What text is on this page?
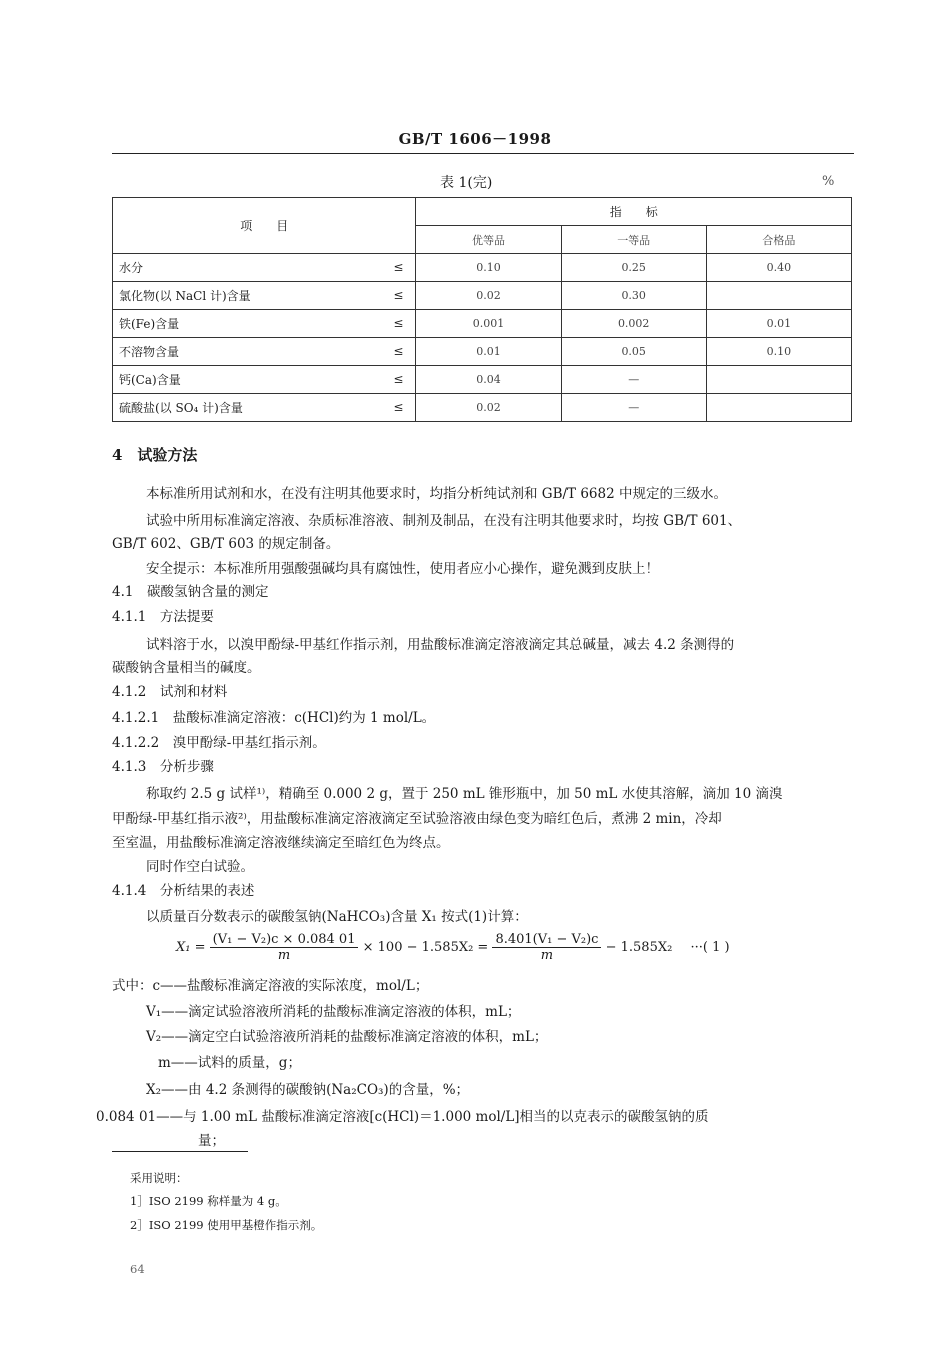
GB/T 1606－1998
表 1(完)	%
项　　目	指　　标		
	优等品	一等品	合格品
水分 ≤	0.10	0.25	0.40
氯化物(以 NaCl 计)含量 ≤	0.02	0.30	
铁(Fe)含量 ≤	0.001	0.002	0.01
不溶物含量 ≤	0.01	0.05	0.10
钙(Ca)含量 ≤	0.04	—	
硫酸盐(以 SO₄ 计)含量 ≤	0.02	—	
4　试验方法
本标准所用试剂和水，在没有注明其他要求时，均指分析纯试剂和 GB/T 6682 中规定的三级水。
试验中所用标准滴定溶液、杂质标准溶液、制剂及制品，在没有注明其他要求时，均按 GB/T 601、
GB/T 602、GB/T 603 的规定制备。
安全提示：本标准所用强酸强碱均具有腐蚀性，使用者应小心操作，避免溅到皮肤上！
4.1　碳酸氢钠含量的测定
4.1.1　方法提要
试料溶于水，以溴甲酚绿-甲基红作指示剂，用盐酸标准滴定溶液滴定其总碱量，减去 4.2 条测得的
碳酸钠含量相当的碱度。
4.1.2　试剂和材料
4.1.2.1　盐酸标准滴定溶液：c(HCl)约为 1 mol/L。
4.1.2.2　溴甲酚绿-甲基红指示剂。
4.1.3　分析步骤
称取约 2.5 g 试样¹⁾，精确至 0.000 2 g，置于 250 mL 锥形瓶中，加 50 mL 水使其溶解，滴加 10 滴溴
甲酚绿-甲基红指示液²⁾，用盐酸标准滴定溶液滴定至试验溶液由绿色变为暗红色后，煮沸 2 min，冷却
至室温，用盐酸标准滴定溶液继续滴定至暗红色为终点。
同时作空白试验。
4.1.4　分析结果的表述
以质量百分数表示的碳酸氢钠(NaHCO₃)含量 X₁ 按式(1)计算：
$X_1 = \frac{\text{(V₁ − V₂)c × 0.084 01}}{m} \times 100 - 1.585X_2 = \frac{\text{8.401(V₁ − V₂)c}}{m} - 1.585X_2$ ···( 1 )
式中：c——盐酸标准滴定溶液的实际浓度，mol/L；
V₁——滴定试验溶液所消耗的盐酸标准滴定溶液的体积，mL；
V₂——滴定空白试验溶液所消耗的盐酸标准滴定溶液的体积，mL；
m——试料的质量，g；
X₂——由 4.2 条测得的碳酸钠(Na₂CO₃)的含量，%；
0.084 01——与 1.00 mL 盐酸标准滴定溶液[c(HCl)＝1.000 mol/L]相当的以克表示的碳酸氢钠的质
量；
采用说明：
1］ISO 2199 称样量为 4 g。
2］ISO 2199 使用甲基橙作指示剂。
64
